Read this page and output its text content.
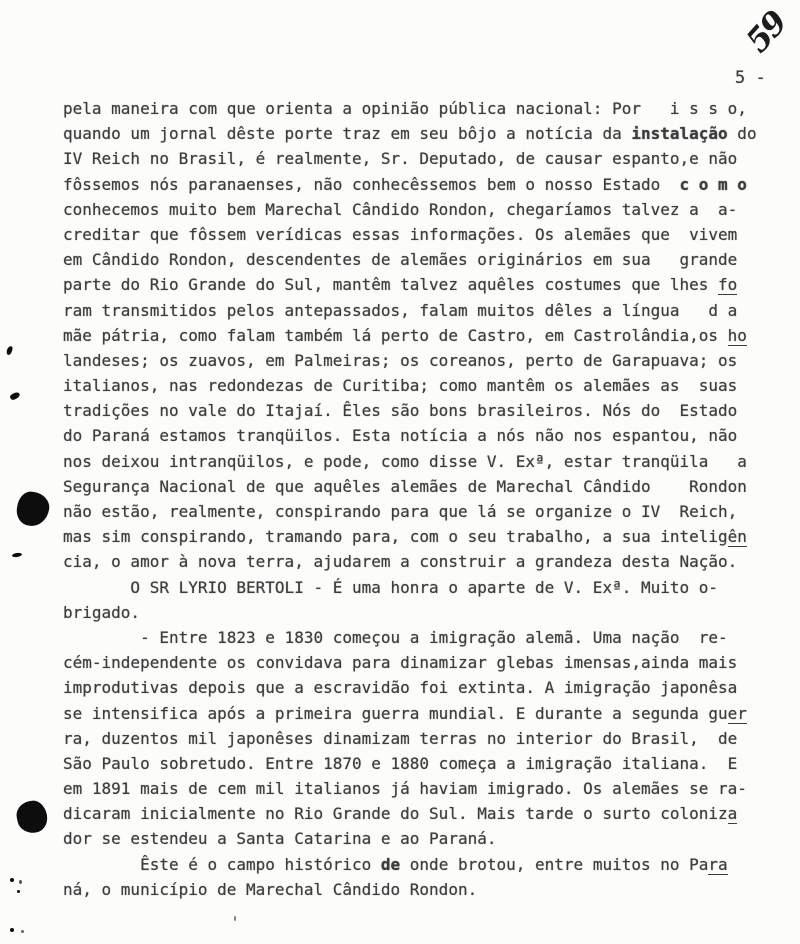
59
5 -
pela maneira com que orienta a opinião pública nacional: Por   i s s o,
quando um jornal dêste porte traz em seu bôjo a notícia da instalação do
IV Reich no Brasil, é realmente, Sr. Deputado, de causar espanto,e não
fôssemos nós paranaenses, não conhecêssemos bem o nosso Estado  c o m o
conhecemos muito bem Marechal Cândido Rondon, chegaríamos talvez a  a-
creditar que fôssem verídicas essas informações. Os alemães que  vivem
em Cândido Rondon, descendentes de alemães originários em sua   grande
parte do Rio Grande do Sul, mantêm talvez aquêles costumes que lhes fo
ram transmitidos pelos antepassados, falam muitos dêles a língua   d a
mãe pátria, como falam também lá perto de Castro, em Castrolândia,os ho
landeses; os zuavos, em Palmeiras; os coreanos, perto de Garapuava; os
italianos, nas redondezas de Curitiba; como mantêm os alemães as  suas
tradições no vale do Itajaí. Êles são bons brasileiros. Nós do  Estado
do Paraná estamos tranqüilos. Esta notícia a nós não nos espantou, não
nos deixou intranqüilos, e pode, como disse V. Exª, estar tranqüila   a
Segurança Nacional de que aquêles alemães de Marechal Cândido    Rondon
não estão, realmente, conspirando para que lá se organize o IV  Reich,
mas sim conspirando, tramando para, com o seu trabalho, a sua inteligên
cia, o amor à nova terra, ajudarem a construir a grandeza desta Nação.
O SR LYRIO BERTOLI - É uma honra o aparte de V. Exª. Muito o-
brigado.
- Entre 1823 e 1830 começou a imigração alemã. Uma nação  re-
cém-independente os convidava para dinamizar glebas imensas,ainda mais
improdutivas depois que a escravidão foi extinta. A imigração japonêsa
se intensifica após a primeira guerra mundial. E durante a segunda guer
ra, duzentos mil japonêses dinamizam terras no interior do Brasil,  de
São Paulo sobretudo. Entre 1870 e 1880 começa a imigração italiana.  E
em 1891 mais de cem mil italianos já haviam imigrado. Os alemães se ra-
dicaram inicialmente no Rio Grande do Sul. Mais tarde o surto coloniza
dor se estendeu a Santa Catarina e ao Paraná.
Êste é o campo histórico de onde brotou, entre muitos no Para
ná, o município de Marechal Cândido Rondon.
